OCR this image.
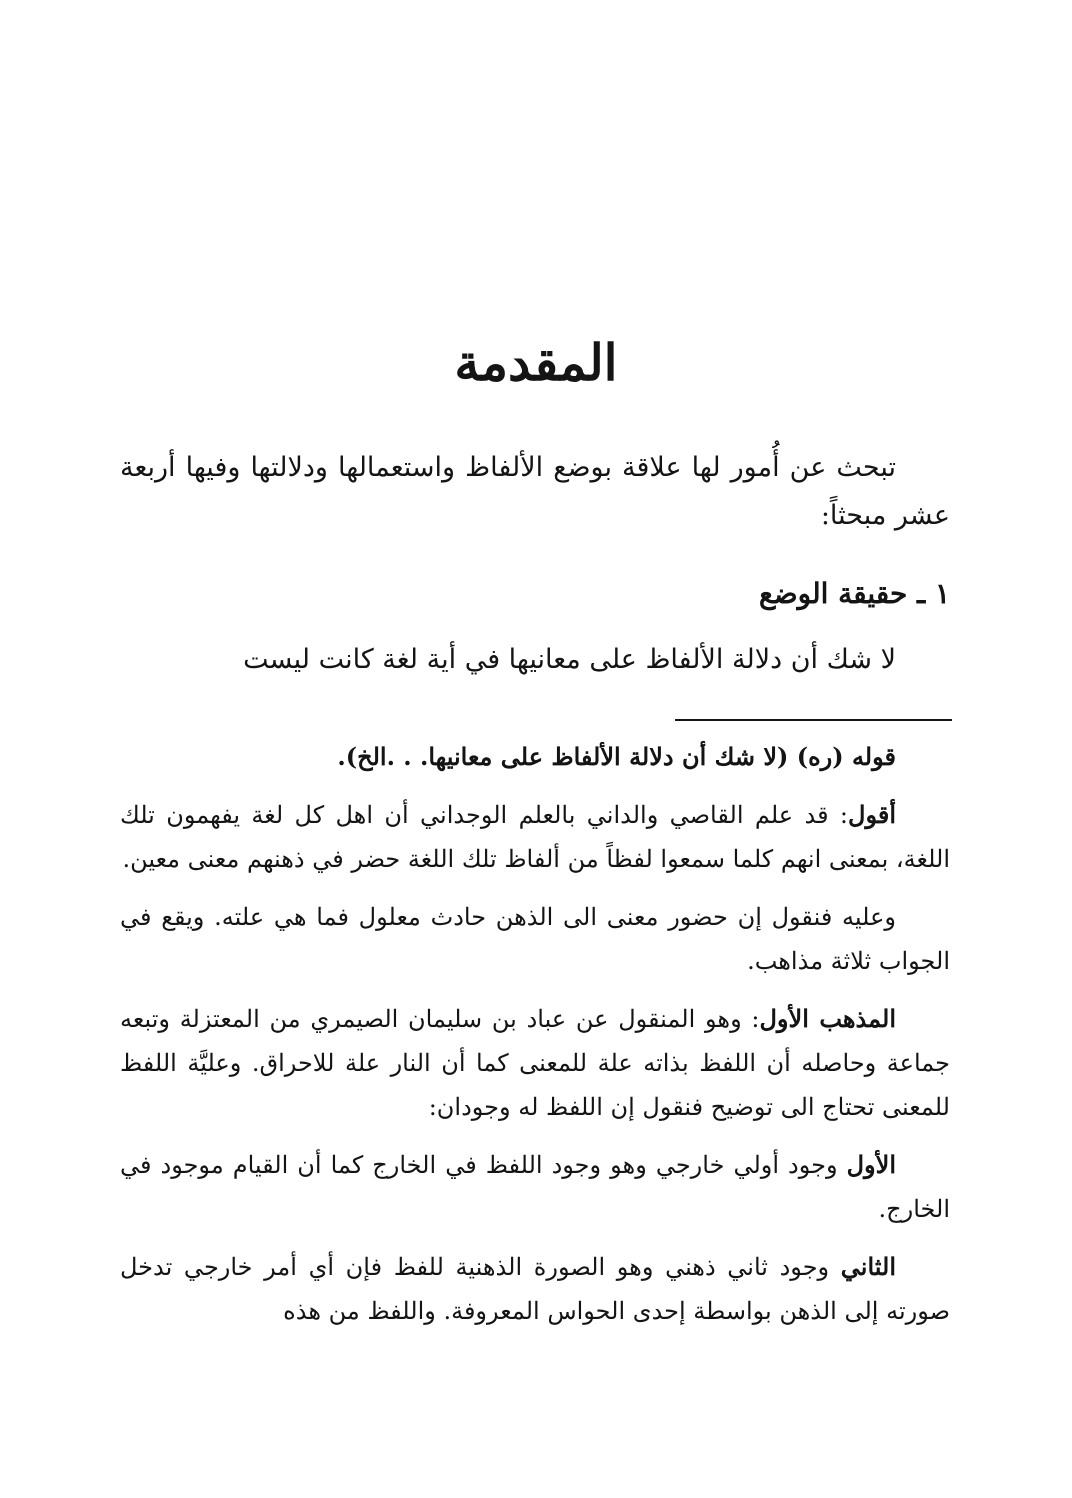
المقدمة

تبحث عن أُمور لها علاقة بوضع الألفاظ واستعمالها ودلالتها وفيها أربعة عشر مبحثاً:

١ ـ حقيقة الوضع

لا شك أن دلالة الألفاظ على معانيها في أية لغة كانت ليست

قوله (ره) (لا شك أن دلالة الألفاظ على معانيها. . .الخ).

أقول: قد علم القاصي والداني بالعلم الوجداني أن اهل كل لغة يفهمون تلك اللغة، بمعنى انهم كلما سمعوا لفظاً من ألفاظ تلك اللغة حضر في ذهنهم معنى معين.

وعليه فنقول إن حضور معنى الى الذهن حادث معلول فما هي علته. ويقع في الجواب ثلاثة مذاهب.

المذهب الأول: وهو المنقول عن عباد بن سليمان الصيمري من المعتزلة وتبعه جماعة وحاصله أن اللفظ بذاته علة للمعنى كما أن النار علة للاحراق. وعليَّة اللفظ للمعنى تحتاج الى توضيح فنقول إن اللفظ له وجودان:

الأول وجود أولي خارجي وهو وجود اللفظ في الخارج كما أن القيام موجود في الخارج.

الثاني وجود ثاني ذهني وهو الصورة الذهنية للفظ فإن أي أمر خارجي تدخل صورته إلى الذهن بواسطة إحدى الحواس المعروفة. واللفظ من هذه
